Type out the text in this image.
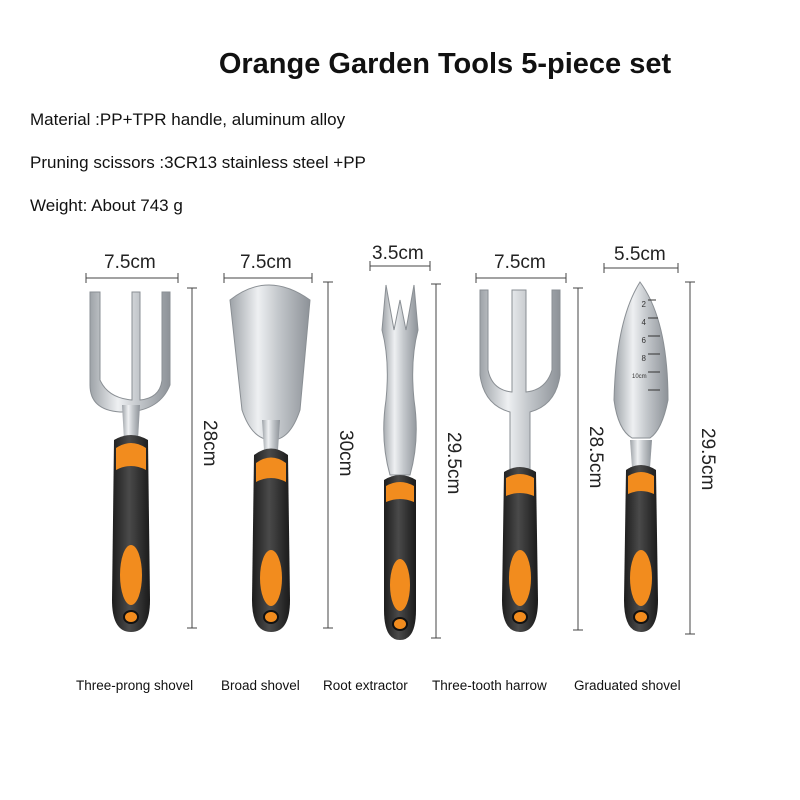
Orange Garden Tools 5-piece set
Material :PP+TPR handle, aluminum alloy
Pruning scissors :3CR13 stainless steel +PP
Weight: About 743 g
2
4
6
8
10cm
7.5cm	7.5cm	3.5cm	7.5cm	5.5cm
28cm	30cm	29.5cm	28.5cm	29.5cm
Three-prong shovel Broad shovel Root extractor Three-tooth harrow Graduated shovel
